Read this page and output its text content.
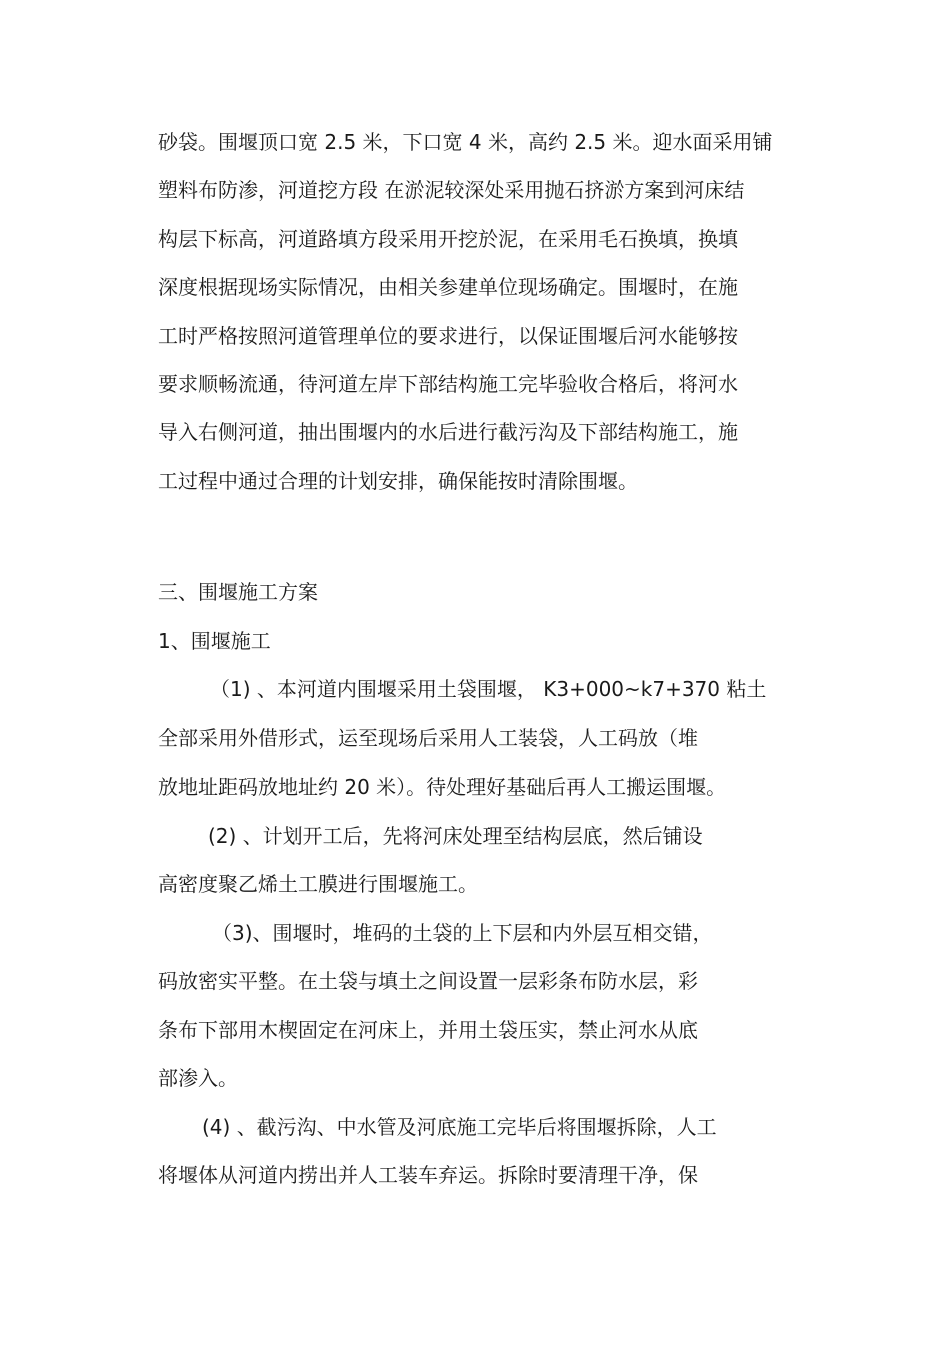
砂袋。围堰顶口宽 2.5 米，下口宽 4 米，高约 2.5 米。迎水面采用铺

塑料布防渗，河道挖方段 在淤泥较深处采用抛石挤淤方案到河床结

构层下标高，河道路填方段采用开挖於泥，在采用毛石换填，换填

深度根据现场实际情况，由相关参建单位现场确定。围堰时，在施

工时严格按照河道管理单位的要求进行，以保证围堰后河水能够按

要求顺畅流通，待河道左岸下部结构施工完毕验收合格后，将河水

导入右侧河道，抽出围堰内的水后进行截污沟及下部结构施工，施

工过程中通过合理的计划安排，确保能按时清除围堰。

三、围堰施工方案

1、围堰施工

（1) 、本河道内围堰采用土袋围堰， K3+000~k7+370 粘土

全部采用外借形式，运至现场后采用人工装袋，人工码放（堆

放地址距码放地址约 20 米）。待处理好基础后再人工搬运围堰。

(2) 、计划开工后，先将河床处理至结构层底，然后铺设

高密度聚乙烯土工膜进行围堰施工。

（3)、围堰时，堆码的土袋的上下层和内外层互相交错，

码放密实平整。在土袋与填土之间设置一层彩条布防水层，彩

条布下部用木楔固定在河床上，并用土袋压实，禁止河水从底

部渗入。

(4) 、截污沟、中水管及河底施工完毕后将围堰拆除，人工

将堰体从河道内捞出并人工装车弃运。拆除时要清理干净，保
